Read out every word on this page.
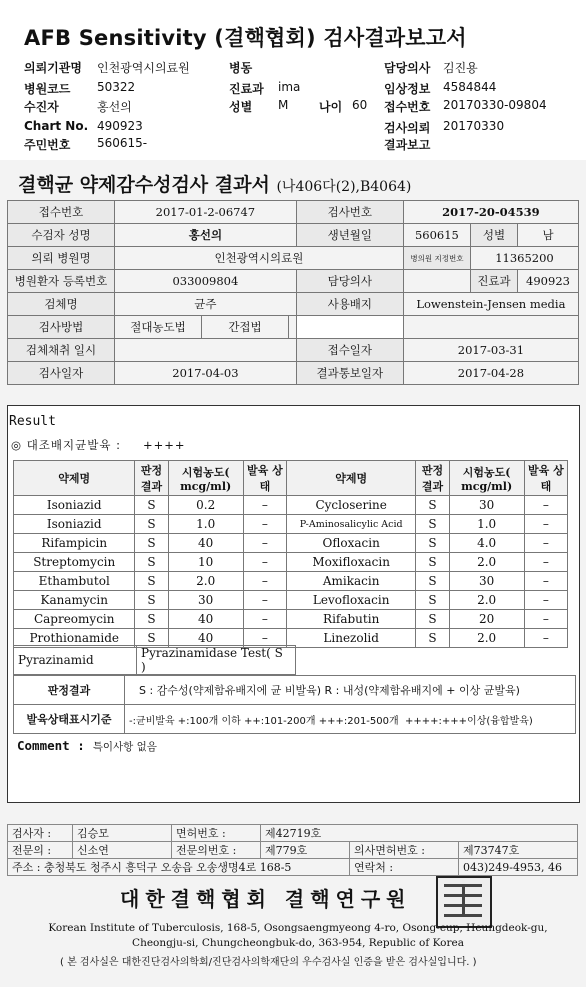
AFB Sensitivity (결핵협회) 검사결과보고서
의뢰기관명 인천광역시의료원	병동	담당의사 김진용
병원코드 50322	진료과 ima	임상정보 4584844
수진자	홍선의	성별 M	나이 60 접수번호 20170330-09804
Chart No. 490923	검사의뢰 20170330
주민번호 560615-	결과보고
결핵균 약제감수성검사 결과서 (나406다(2),B4064)
접수번호	2017-01-2-06747			검사번호	2017-20-04539		
수검자 성명	홍선의			생년월일	560615	성별	남
의뢰 병원명	인천광역시의료원				병의원 지정번호	11365200	
병원환자 등록번호	033009804			담당의사		진료과	490923
검체명	균주			사용배지	Lowenstein-Jensen media		
검사방법	절대농도법	간접법					
검체채취 일시				접수일자	2017-03-31		
검사일자	2017-04-03			결과통보일자	2017-04-28		
Result
◎ 대조배지균발육 : ++++
약제명	판정 결과	시험농도( mcg/ml)	발육 상태	약제명	판정 결과	시험농도( mcg/ml)	발육 상태
Isoniazid	S	0.2	–	Cycloserine	S	30	–
Isoniazid	S	1.0	–	P-Aminosalicylic Acid	S	1.0	–
Rifampicin	S	40	–	Ofloxacin	S	4.0	–
Streptomycin	S	10	–	Moxifloxacin	S	2.0	–
Ethambutol	S	2.0	–	Amikacin	S	30	–
Kanamycin	S	30	–	Levofloxacin	S	2.0	–
Capreomycin	S	40	–	Rifabutin	S	20	–
Prothionamide	S	40	–	Linezolid	S	2.0	–
Pyrazinamid	Pyrazinamidase Test( S )
판정결과	S : 감수성(약제함유배지에 균 비발육) R : 내성(약제함유배지에 + 이상 균발육)
발육상태표시기준	-:균비발육 +:100개 이하 ++:101-200개 +++:201-500개 ++++:+++이상(융합발육)
Comment : 특이사항 없음
검사자 :	김승모	면허번호 :	제42719호		
전문의 :	신소연	전문의번호 :	제779호	의사면허번호 :	제73747호
주소 : 충청북도 청주시 흥덕구 오송읍 오송생명4로 168-5				연락처 :	043)249-4953, 46
대한결핵협회 결핵연구원
Korean Institute of Tuberculosis, 168-5, Osongsaengmyeong 4-ro, Osong-eup, Heungdeok-gu,
Cheongju-si, Chungcheongbuk-do, 363-954, Republic of Korea
( 본 검사실은 대한진단검사의학회/진단검사의학재단의 우수검사실 인증을 받은 검사실입니다. )
